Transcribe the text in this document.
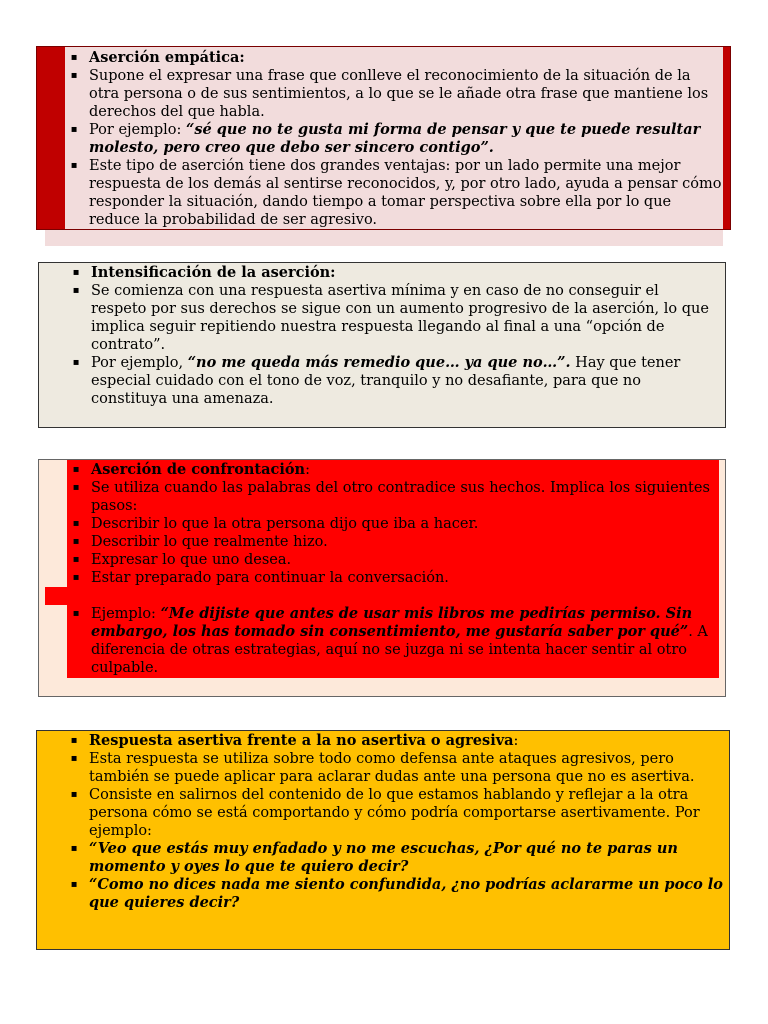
▪ Aserción empática:
▪ Supone el expresar una frase que conlleve el reconocimiento de la situación de la otra persona o de sus sentimientos, a lo que se le añade otra frase que mantiene los derechos del que habla.
▪ Por ejemplo: “sé que no te gusta mi forma de pensar y que te puede resultar molesto, pero creo que debo ser sincero contigo”.
▪ Este tipo de aserción tiene dos grandes ventajas: por un lado permite una mejor respuesta de los demás al sentirse reconocidos, y, por otro lado, ayuda a pensar cómo responder la situación, dando tiempo a tomar perspectiva sobre ella por lo que reduce la probabilidad de ser agresivo.
▪ Intensificación de la aserción:
▪ Se comienza con una respuesta asertiva mínima y en caso de no conseguir el respeto por sus derechos se sigue con un aumento progresivo de la aserción, lo que implica seguir repitiendo nuestra respuesta llegando al final a una “opción de contrato”.
▪ Por ejemplo, “no me queda más remedio que… ya que no…”. Hay que tener especial cuidado con el tono de voz, tranquilo y no desafiante, para que no constituya una amenaza.
▪ Aserción de confrontación:
▪ Se utiliza cuando las palabras del otro contradice sus hechos. Implica los siguientes pasos:
▪ Describir lo que la otra persona dijo que iba a hacer.
▪ Describir lo que realmente hizo.
▪ Expresar lo que uno desea.
▪ Estar preparado para continuar la conversación.
▪ Ejemplo: “Me dijiste que antes de usar mis libros me pedirías permiso. Sin embargo, los has tomado sin consentimiento, me gustaría saber por qué”. A diferencia de otras estrategias, aquí no se juzga ni se intenta hacer sentir al otro culpable.
▪ Respuesta asertiva frente a la no asertiva o agresiva:
▪ Esta respuesta se utiliza sobre todo como defensa ante ataques agresivos, pero también se puede aplicar para aclarar dudas ante una persona que no es asertiva.
▪ Consiste en salirnos del contenido de lo que estamos hablando y reflejar a la otra persona cómo se está comportando y cómo podría comportarse asertivamente. Por ejemplo:
▪ “Veo que estás muy enfadado y no me escuchas, ¿Por qué no te paras un momento y oyes lo que te quiero decir?
▪ “Como no dices nada me siento confundida, ¿no podrías aclararme un poco lo que quieres decir?
